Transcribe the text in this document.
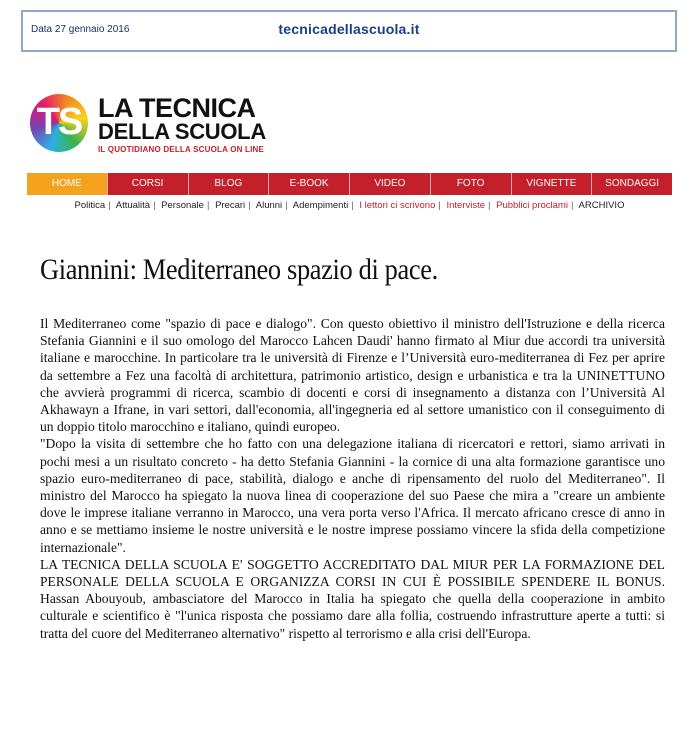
Data 27 gennaio 2016	tecnicadellascuola.it
TS LA TECNICA
DELLA SCUOLA
IL QUOTIDIANO DELLA SCUOLA ON LINE
HOME	CORSI	BLOG	E-BOOK	VIDEO	FOTO	VIGNETTE	SONDAGGI
Politica | Attualità | Personale | Precari | Alunni | Adempimenti | I lettori ci scrivono | Interviste | Pubblici proclami | ARCHIVIO
Giannini: Mediterraneo spazio di pace.

Il Mediterraneo come "spazio di pace e dialogo". Con questo obiettivo il ministro dell'Istruzione e della ricerca Stefania Giannini e il suo omologo del Marocco Lahcen Daudi' hanno firmato al Miur due accordi tra università italiane e marocchine. In particolare tra le università di Firenze e l’Università euro-mediterranea di Fez per aprire da settembre a Fez una facoltà di architettura, patrimonio artistico, design e urbanistica e tra la UNINETTUNO che avvierà programmi di ricerca, scambio di docenti e corsi di insegnamento a distanza con l’Università Al Akhawayn a Ifrane, in vari settori, dall'economia, all'ingegneria ed al settore umanistico con il conseguimento di un doppio titolo marocchino e italiano, quindi europeo.

"Dopo la visita di settembre che ho fatto con una delegazione italiana di ricercatori e rettori, siamo arrivati in pochi mesi a un risultato concreto - ha detto Stefania Giannini - la cornice di una alta formazione garantisce uno spazio euro-mediterraneo di pace, stabilità, dialogo e anche di ripensamento del ruolo del Mediterraneo". Il ministro del Marocco ha spiegato la nuova linea di cooperazione del suo Paese che mira a "creare un ambiente dove le imprese italiane verranno in Marocco, una vera porta verso l'Africa. Il mercato africano cresce di anno in anno e se mettiamo insieme le nostre università e le nostre imprese possiamo vincere la sfida della competizione internazionale".

LA TECNICA DELLA SCUOLA E' SOGGETTO ACCREDITATO DAL MIUR PER LA FORMAZIONE DEL PERSONALE DELLA SCUOLA E ORGANIZZA CORSI IN CUI È POSSIBILE SPENDERE IL BONUS. Hassan Abouyoub, ambasciatore del Marocco in Italia ha spiegato che quella della cooperazione in ambito culturale e scientifico è "l'unica risposta che possiamo dare alla follia, costruendo infrastrutture aperte a tutti: si tratta del cuore del Mediterraneo alternativo" rispetto al terrorismo e alla crisi dell'Europa.
